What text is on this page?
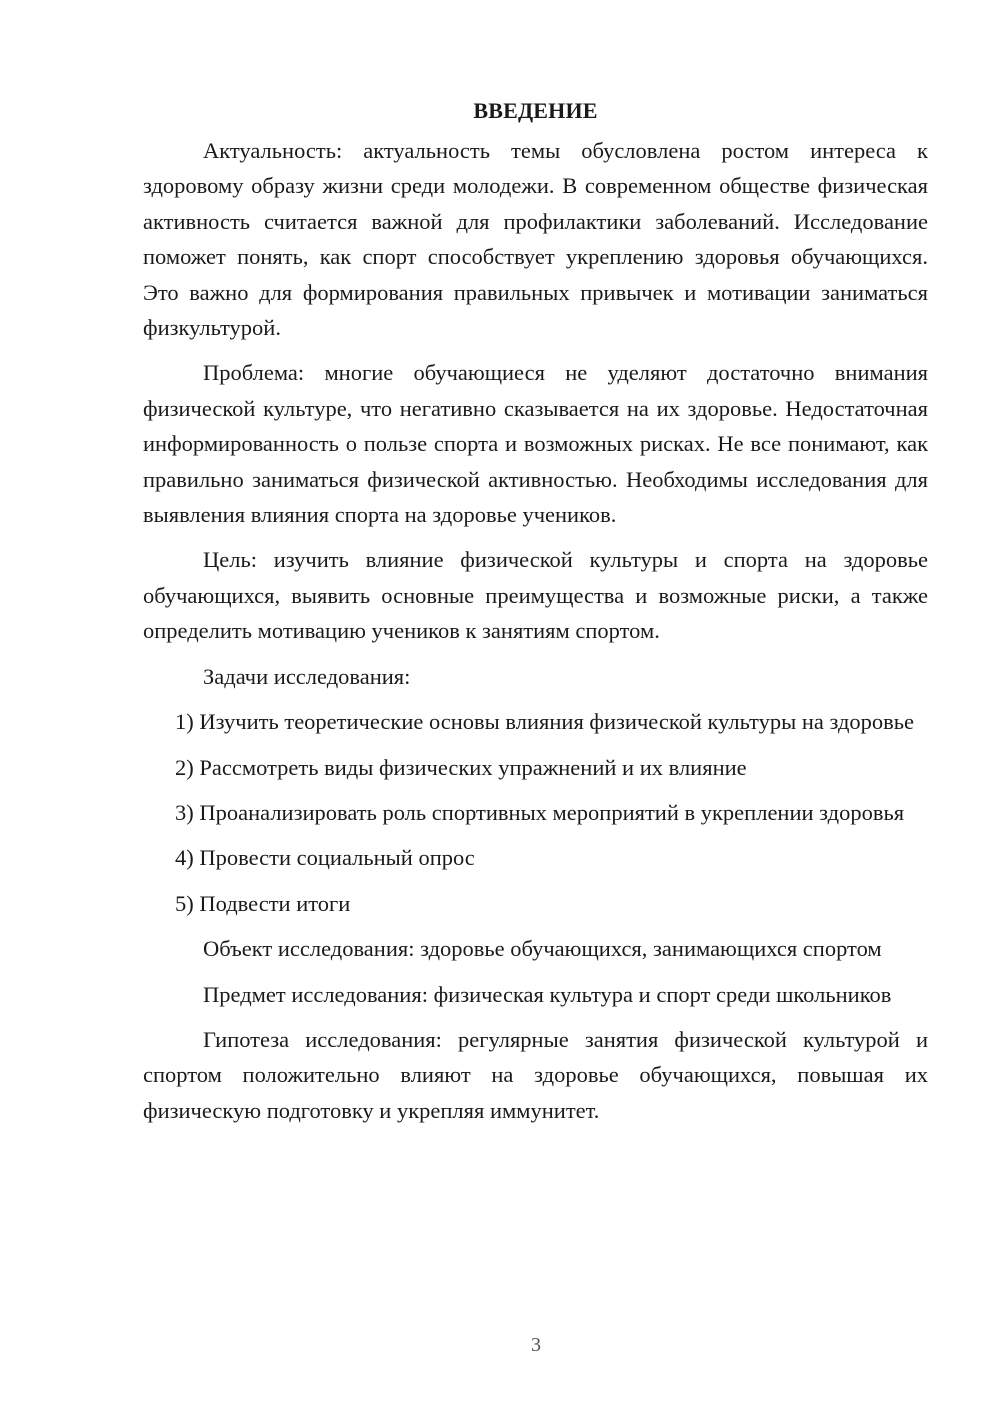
ВВЕДЕНИЕ

Актуальность: актуальность темы обусловлена ростом интереса к здоровому образу жизни среди молодежи. В современном обществе физическая активность считается важной для профилактики заболеваний. Исследование поможет понять, как спорт способствует укреплению здоровья обучающихся. Это важно для формирования правильных привычек и мотивации заниматься физкультурой.

Проблема: многие обучающиеся не уделяют достаточно внимания физической культуре, что негативно сказывается на их здоровье. Недостаточная информированность о пользе спорта и возможных рисках. Не все понимают, как правильно заниматься физической активностью. Необходимы исследования для выявления влияния спорта на здоровье учеников.

Цель: изучить влияние физической культуры и спорта на здоровье обучающихся, выявить основные преимущества и возможные риски, а также определить мотивацию учеников к занятиям спортом.

Задачи исследования:

1) Изучить теоретические основы влияния физической культуры на здоровье

2) Рассмотреть виды физических упражнений и их влияние

3) Проанализировать роль спортивных мероприятий в укреплении здоровья

4) Провести социальный опрос

5) Подвести итоги

Объект исследования: здоровье обучающихся, занимающихся спортом

Предмет исследования: физическая культура и спорт среди школьников

Гипотеза исследования: регулярные занятия физической культурой и спортом положительно влияют на здоровье обучающихся, повышая их физическую подготовку и укрепляя иммунитет.

3
